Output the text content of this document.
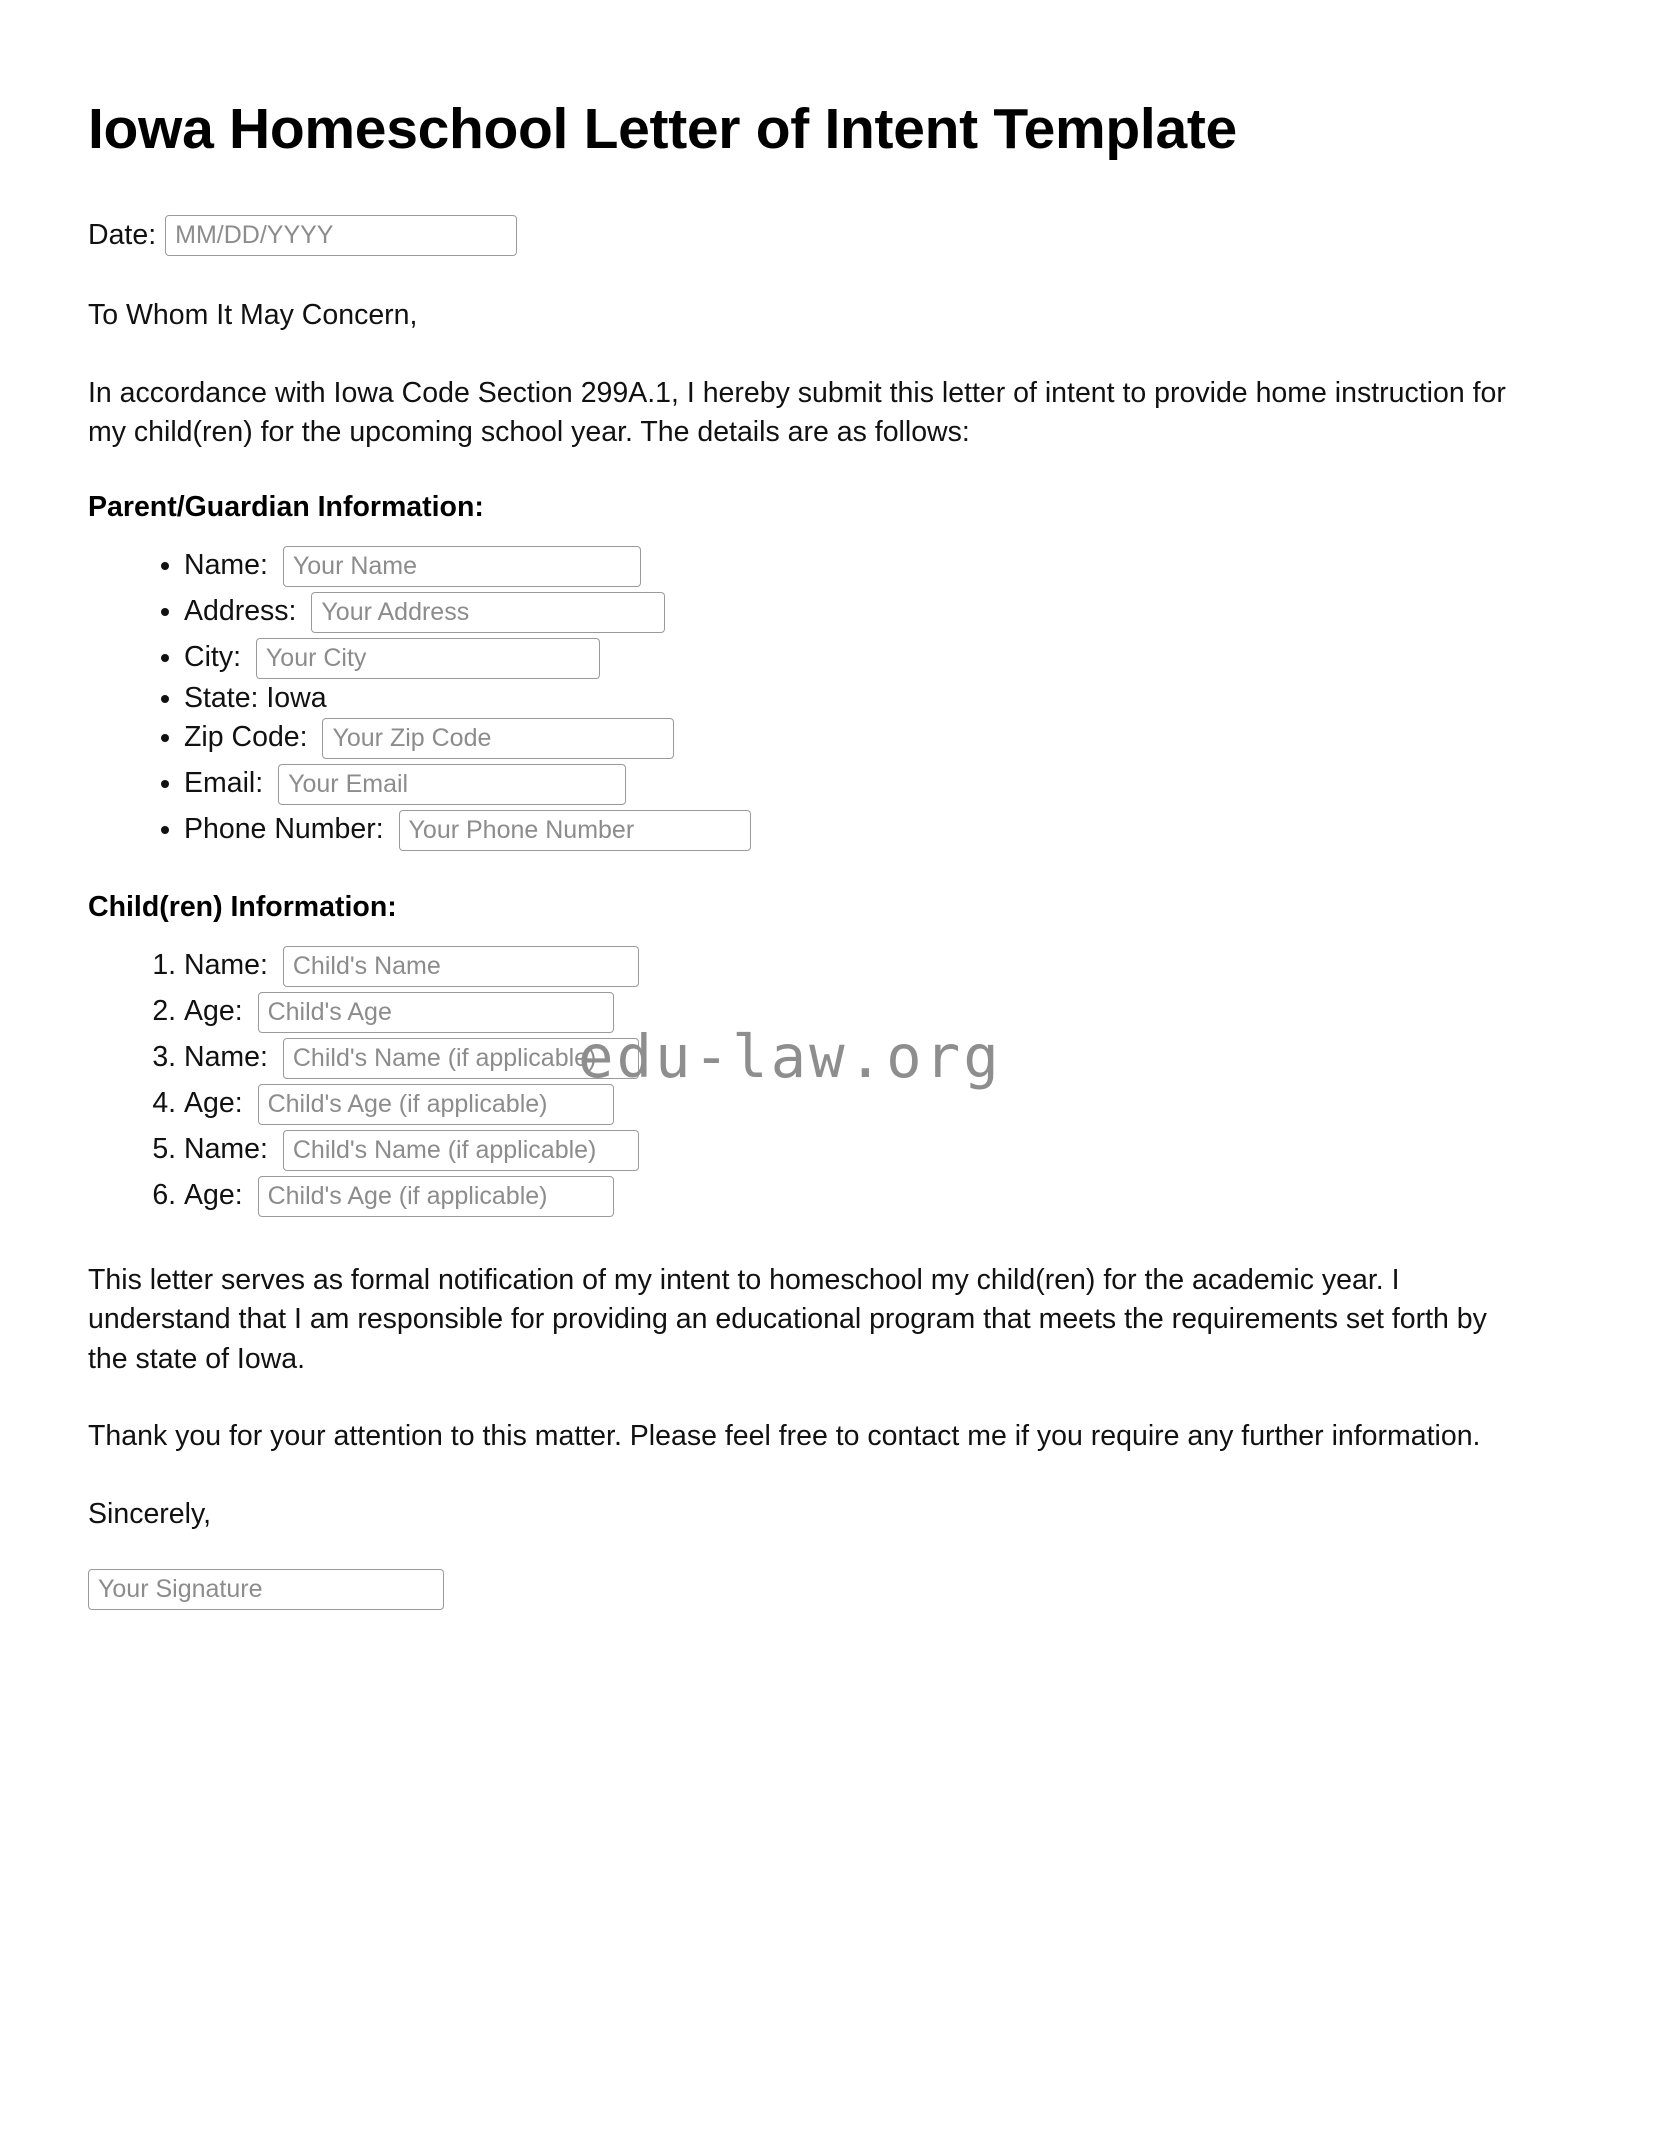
Iowa Homeschool Letter of Intent Template
Date:
MM/DD/YYYY

To Whom It May Concern,

In accordance with Iowa Code Section 299A.1, I hereby submit this letter of intent to provide home instruction for my child(ren) for the upcoming school year. The details are as follows:

Parent/Guardian Information:
• Name: Your Name
• Address: Your Address
• City: Your City
• State: Iowa
• Zip Code: Your Zip Code
• Email: Your Email
• Phone Number: Your Phone Number
Child(ren) Information:
1. Name: Child's Name
2. Age: Child's Age
3. Name: Child's Name (if applicable)
4. Age: Child's Age (if applicable)
5. Name: Child's Name (if applicable)
6. Age: Child's Age (if applicable)

This letter serves as formal notification of my intent to homeschool my child(ren) for the academic year. I understand that I am responsible for providing an educational program that meets the requirements set forth by the state of Iowa.

Thank you for your attention to this matter. Please feel free to contact me if you require any further information.

Sincerely,

Your Signature
edu-law.org
